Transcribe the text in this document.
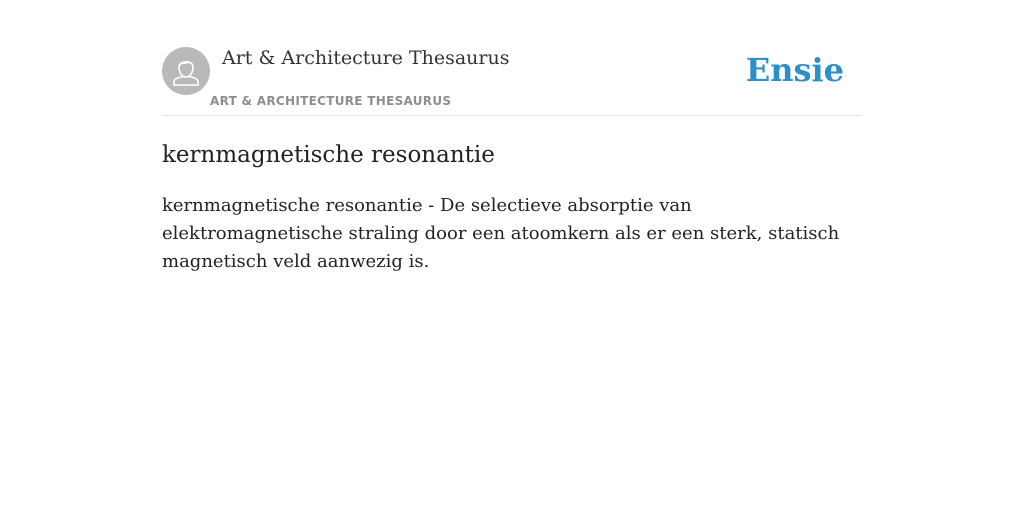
Art & Architecture Thesaurus
ART & ARCHITECTURE THESAURUS
Ensie
kernmagnetische resonantie

kernmagnetische resonantie - De selectieve absorptie van elektromagnetische straling door een atoomkern als er een sterk, statisch magnetisch veld aanwezig is.
